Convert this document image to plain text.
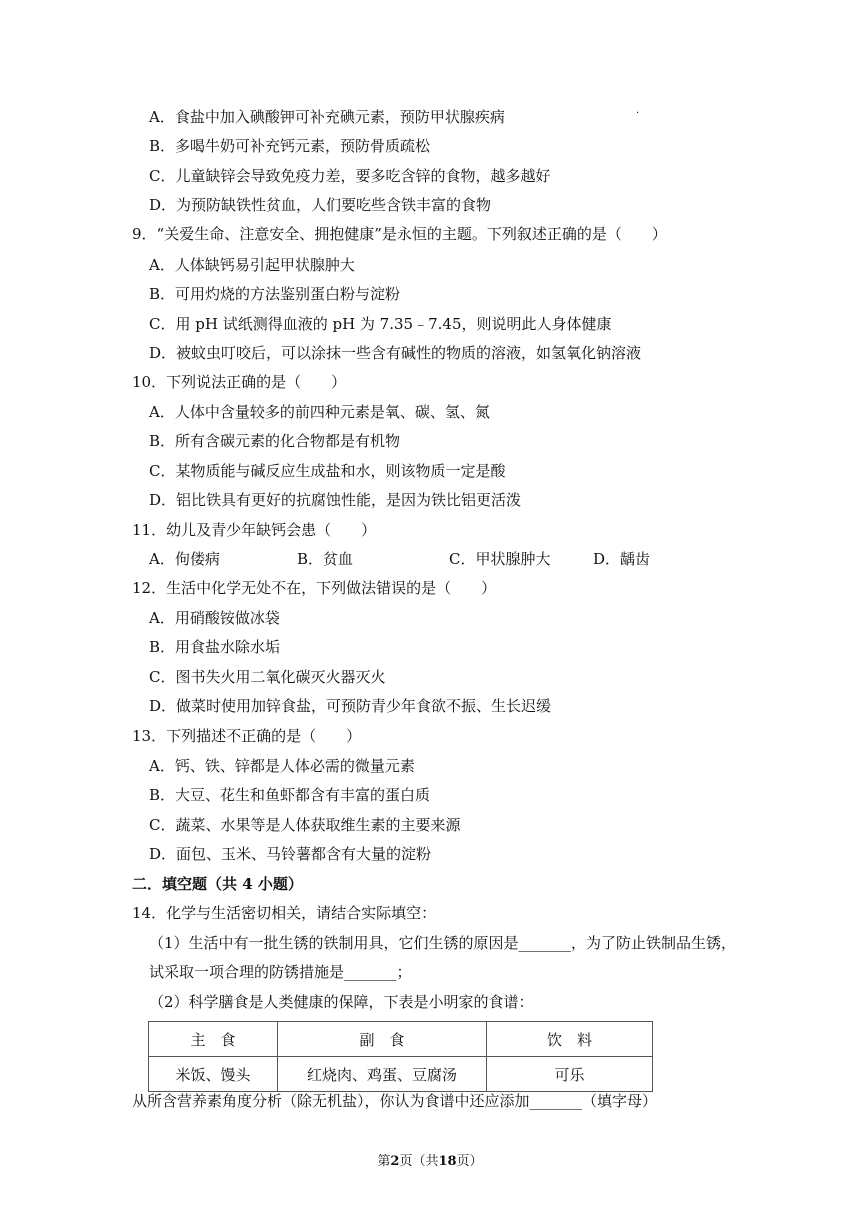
·
A．食盐中加入碘酸钾可补充碘元素，预防甲状腺疾病
B．多喝牛奶可补充钙元素，预防骨质疏松
C．儿童缺锌会导致免疫力差，要多吃含锌的食物，越多越好
D．为预防缺铁性贫血，人们要吃些含铁丰富的食物
9．“关爱生命、注意安全、拥抱健康”是永恒的主题。下列叙述正确的是（　　）
A．人体缺钙易引起甲状腺肿大
B．可用灼烧的方法鉴别蛋白粉与淀粉
C．用 pH 试纸测得血液的 pH 为 7.35﹣7.45，则说明此人身体健康
D．被蚊虫叮咬后，可以涂抹一些含有碱性的物质的溶液，如氢氧化钠溶液
10．下列说法正确的是（　　）
A．人体中含量较多的前四种元素是氧、碳、氢、氮
B．所有含碳元素的化合物都是有机物
C．某物质能与碱反应生成盐和水，则该物质一定是酸
D．铝比铁具有更好的抗腐蚀性能，是因为铁比铝更活泼
11．幼儿及青少年缺钙会患（　　）
A．佝偻病	B．贫血	C．甲状腺肿大	D．龋齿
12．生活中化学无处不在，下列做法错误的是（　　）
A．用硝酸铵做冰袋
B．用食盐水除水垢
C．图书失火用二氧化碳灭火器灭火
D．做菜时使用加锌食盐，可预防青少年食欲不振、生长迟缓
13．下列描述不正确的是（　　）
A．钙、铁、锌都是人体必需的微量元素
B．大豆、花生和鱼虾都含有丰富的蛋白质
C．蔬菜、水果等是人体获取维生素的主要来源
D．面包、玉米、马铃薯都含有大量的淀粉
二．填空题（共 4 小题）
14．化学与生活密切相关，请结合实际填空：
（1）生活中有一批生锈的铁制用具，它们生锈的原因是_______，为了防止铁制品生锈，
试采取一项合理的防锈措施是_______；
（2）科学膳食是人类健康的保障，下表是小明家的食谱：
主　食	副　食	饮　料
米饭、馒头	红烧肉、鸡蛋、豆腐汤	可乐
从所含营养素角度分析（除无机盐），你认为食谱中还应添加_______（填字母）
第2页（共18页）
